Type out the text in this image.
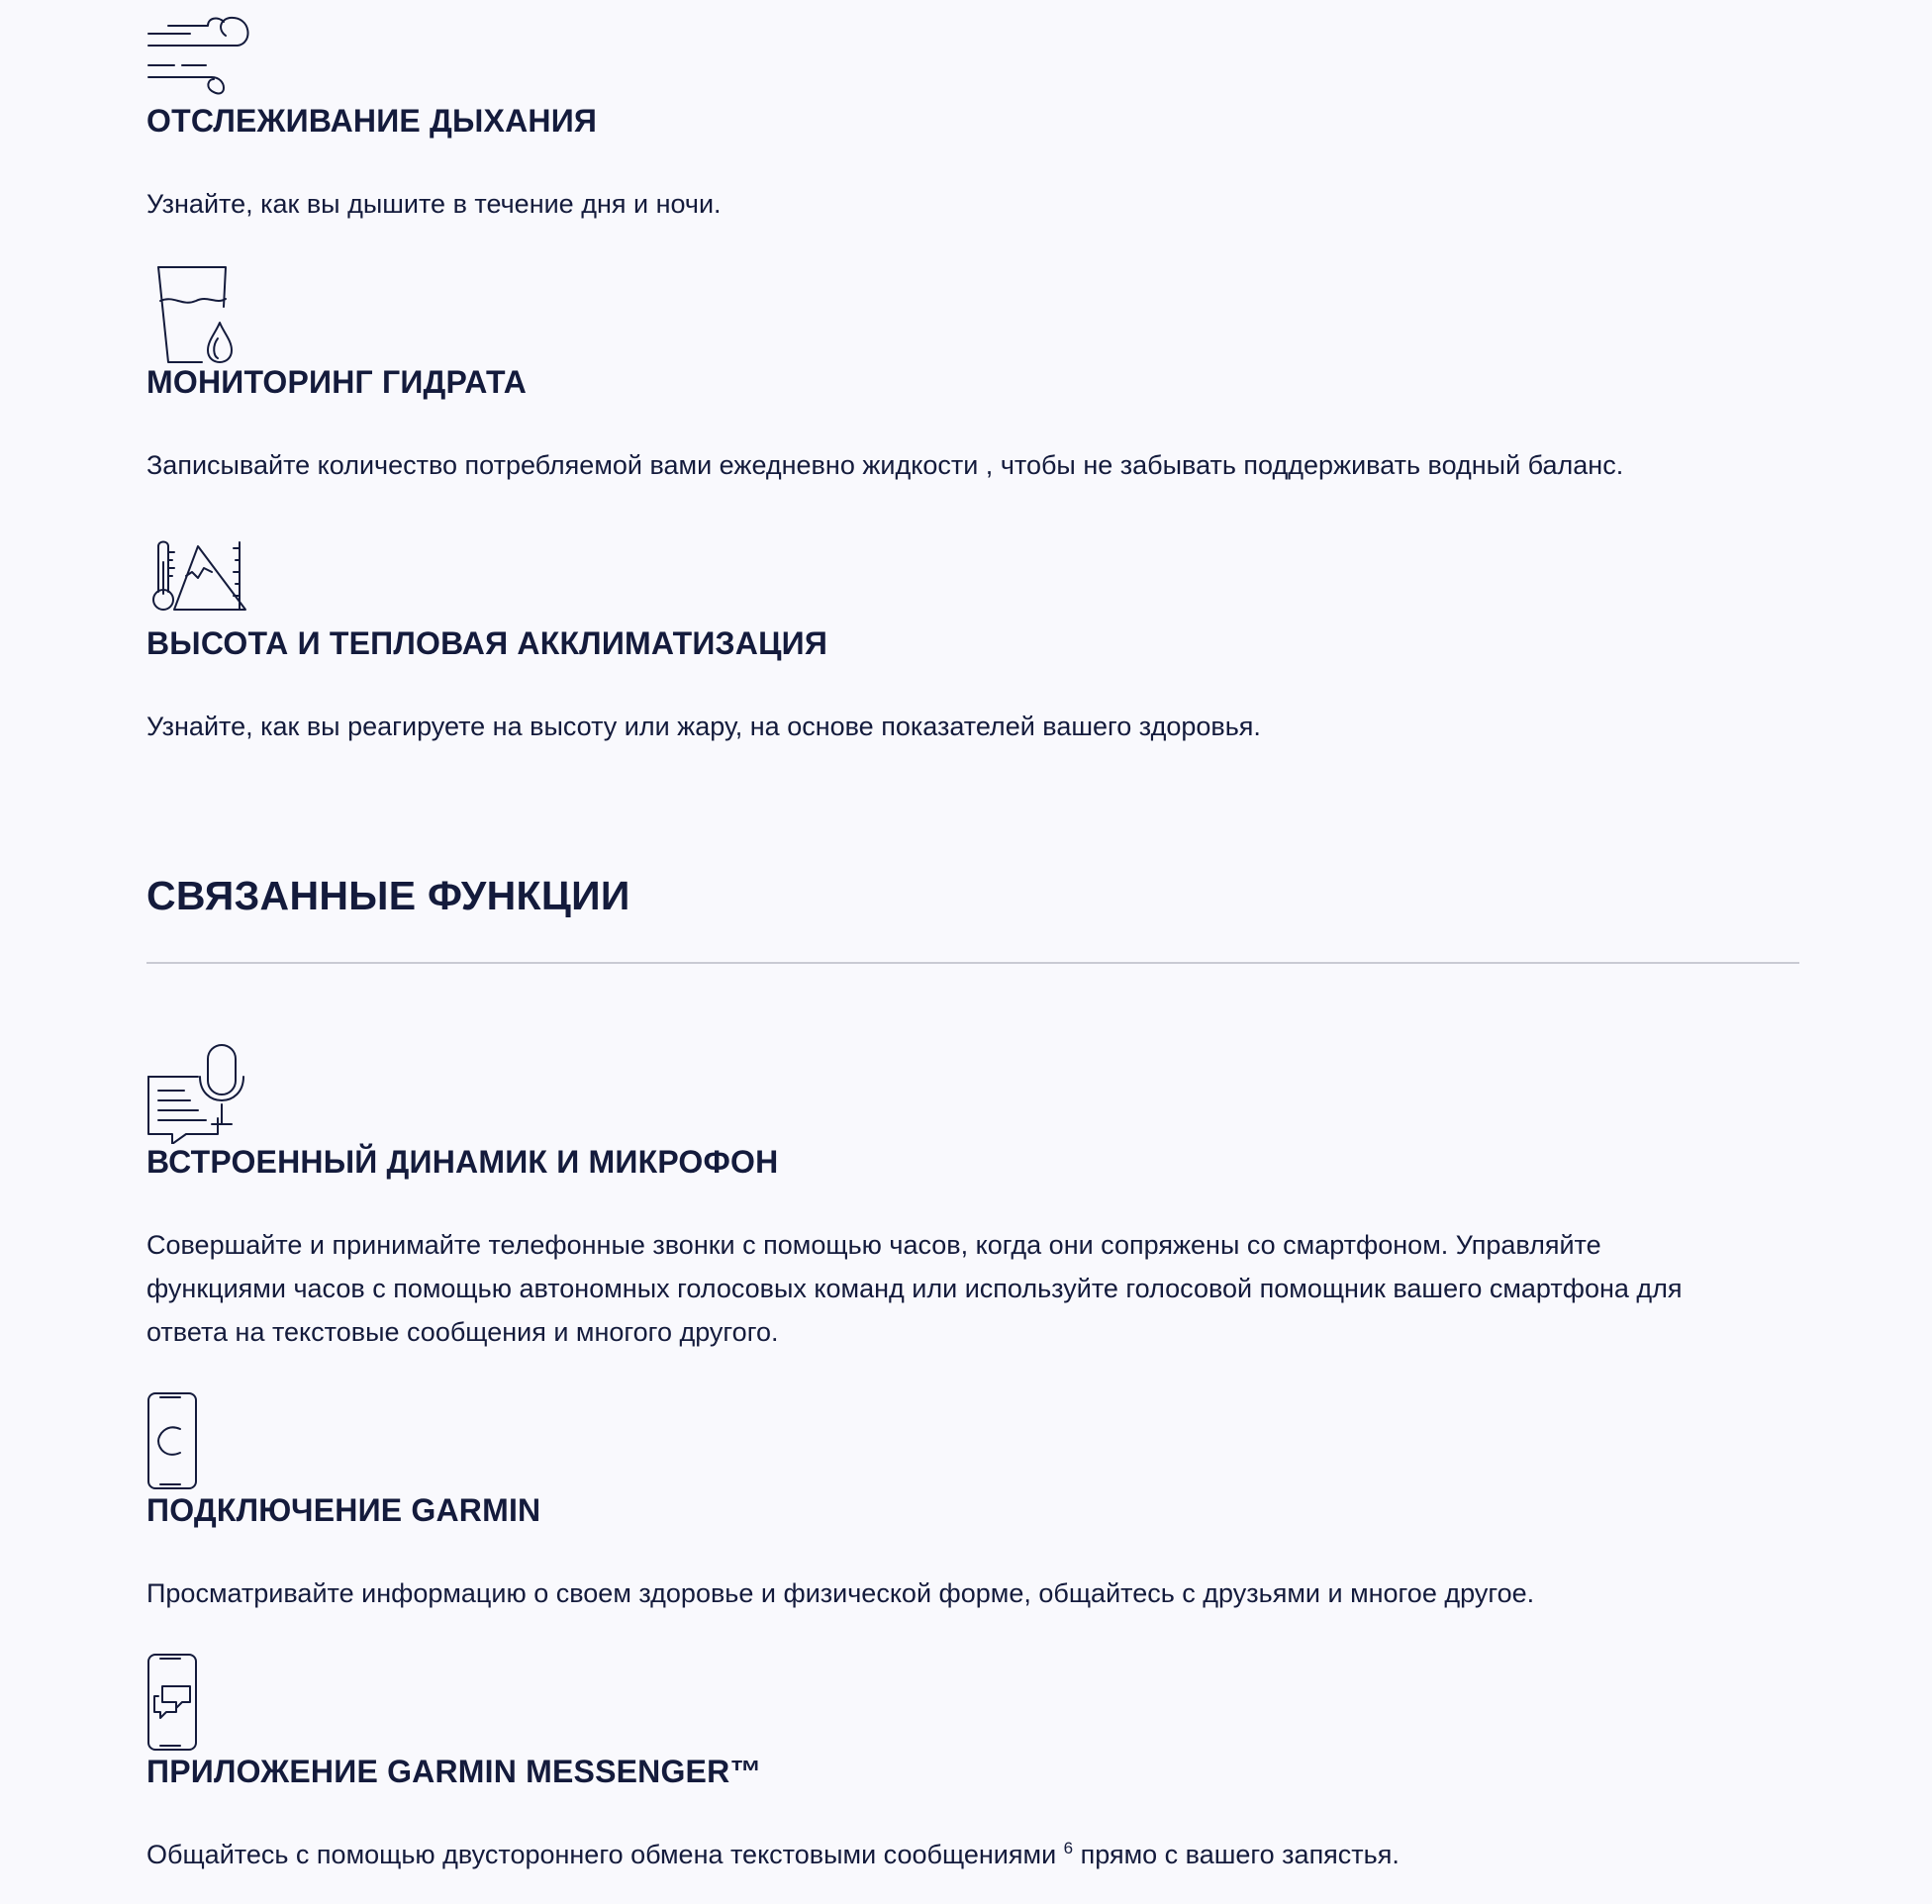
ОТСЛЕЖИВАНИЕ ДЫХАНИЯ

Узнайте, как вы дышите в течение дня и ночи.

МОНИТОРИНГ ГИДРАТА

Записывайте количество потребляемой вами ежедневно жидкости , чтобы не забывать поддерживать водный баланс.

ВЫСОТА И ТЕПЛОВАЯ АККЛИМАТИЗАЦИЯ

Узнайте, как вы реагируете на высоту или жару, на основе показателей вашего здоровья.

СВЯЗАННЫЕ ФУНКЦИИ
ВСТРОЕННЫЙ ДИНАМИК И МИКРОФОН

Совершайте и принимайте телефонные звонки с помощью часов, когда они сопряжены со смартфоном. Управляйте
функциями часов с помощью автономных голосовых команд или используйте голосовой помощник вашего смартфона для
ответа на текстовые сообщения и многого другого.

ПОДКЛЮЧЕНИЕ GARMIN

Просматривайте информацию о своем здоровье и физической форме, общайтесь с друзьями и многое другое.

ПРИЛОЖЕНИЕ GARMIN MESSENGER™

Общайтесь с помощью двустороннего обмена текстовыми сообщениями $^6$ прямо с вашего запястья.
